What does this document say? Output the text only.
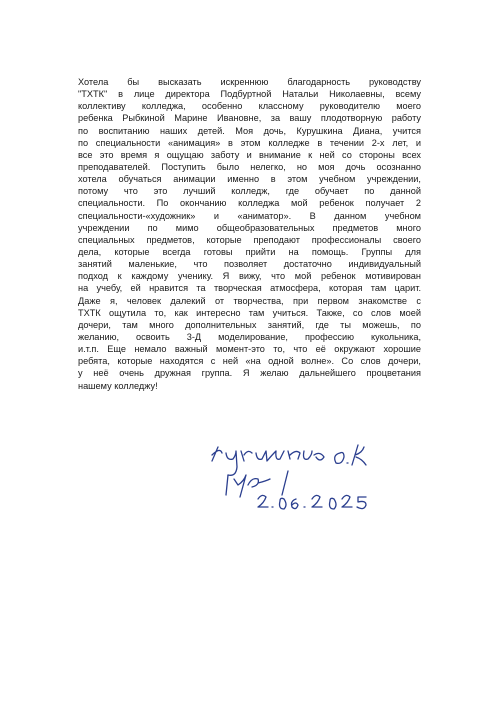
Хотела бы высказать искреннюю благодарность руководству
"ТХТК" в лице директора Подбуртной Натальи Николаевны, всему
коллективу колледжа, особенно классному руководителю моего
ребенка Рыбкиной Марине Ивановне, за вашу плодотворную работу
по воспитанию наших детей. Моя дочь, Курушкина Диана, учится
по специальности «анимация» в этом колледже в течении 2-х лет, и
все это время я ощущаю заботу и внимание к ней со стороны всех
преподавателей. Поступить было нелегко, но моя дочь осознанно
хотела обучаться анимации именно в этом учебном учреждении,
потому что это лучший колледж, где обучает по данной
специальности. По окончанию колледжа мой ребенок получает 2
специальности-«художник» и «аниматор». В данном учебном
учреждении по мимо общеобразовательных предметов много
специальных предметов, которые преподают профессионалы своего
дела, которые всегда готовы прийти на помощь. Группы для
занятий маленькие, что позволяет достаточно индивидуальный
подход к каждому ученику. Я вижу, что мой ребенок мотивирован
на учебу, ей нравится та творческая атмосфера, которая там царит.
Даже я, человек далекий от творчества, при первом знакомстве с
ТХТК ощутила то, как интересно там учиться. Также, со слов моей
дочери, там много дополнительных занятий, где ты можешь, по
желанию, освоить 3-Д моделирование, профессию кукольника,
и.т.п. Еще немало важный момент-это то, что её окружают хорошие
ребята, которые находятся с ней «на одной волне». Со слов дочери,
у неё очень дружная группа. Я желаю дальнейшего процветания
нашему колледжу!
